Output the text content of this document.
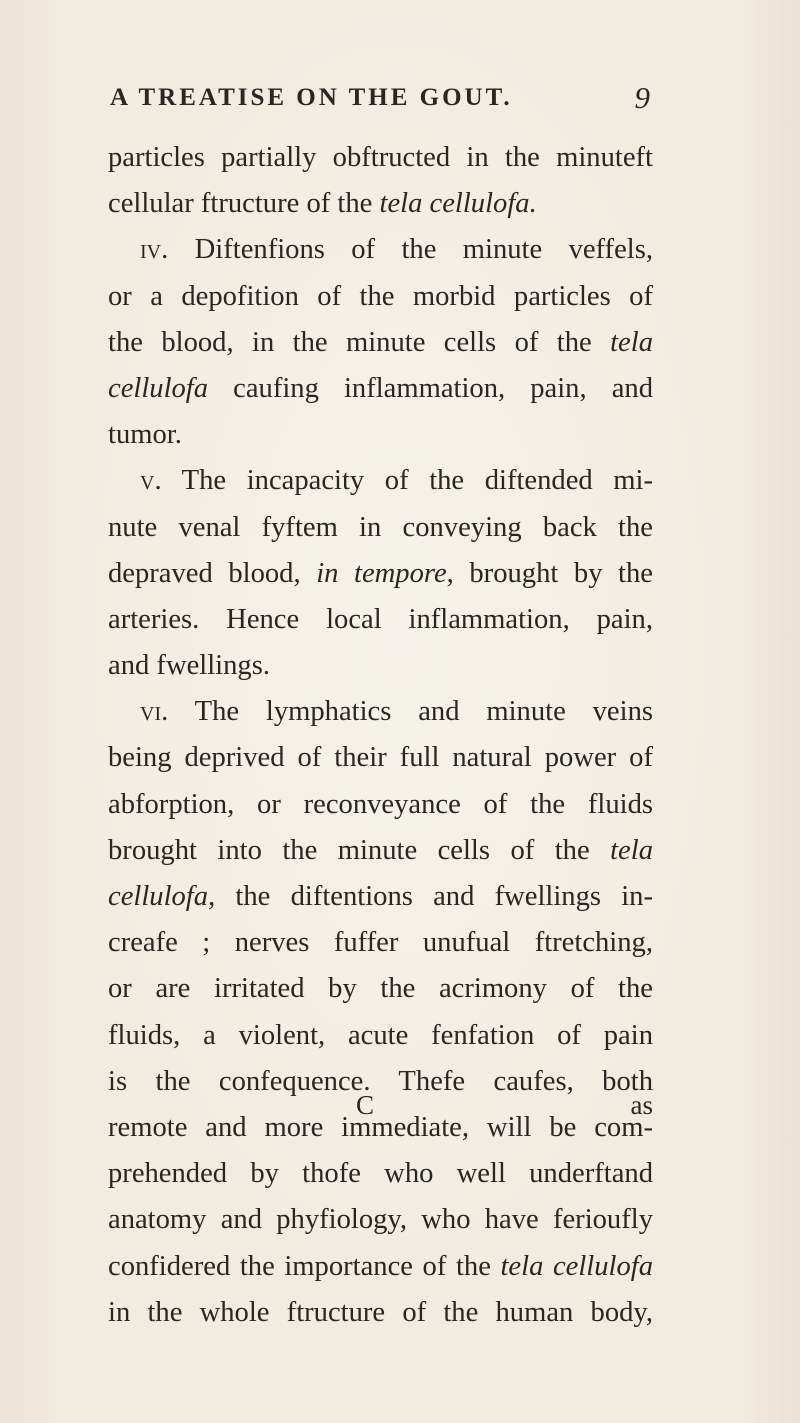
A TREATISE ON THE GOUT.	9
particles partially obftructed in the minuteft
cellular ftructure of the tela cellulofa.
iv. Diftenfions of the minute veffels,
or a depofition of the morbid particles of
the blood, in the minute cells of the tela
cellulofa caufing inflammation, pain, and
tumor.
v. The incapacity of the diftended mi-
nute venal fyftem in conveying back the
depraved blood, in tempore, brought by the
arteries. Hence local inflammation, pain,
and fwellings.
vi. The lymphatics and minute veins
being deprived of their full natural power of
abforption, or reconveyance of the fluids
brought into the minute cells of the tela
cellulofa, the diftentions and fwellings in-
creafe ; nerves fuffer unufual ftretching,
or are irritated by the acrimony of the
fluids, a violent, acute fenfation of pain
is the confequence. Thefe caufes, both
remote and more immediate, will be com-
prehended by thofe who well underftand
anatomy and phyfiology, who have ferioufly
confidered the importance of the tela cellulofa
in the whole ftructure of the human body,
C	as
